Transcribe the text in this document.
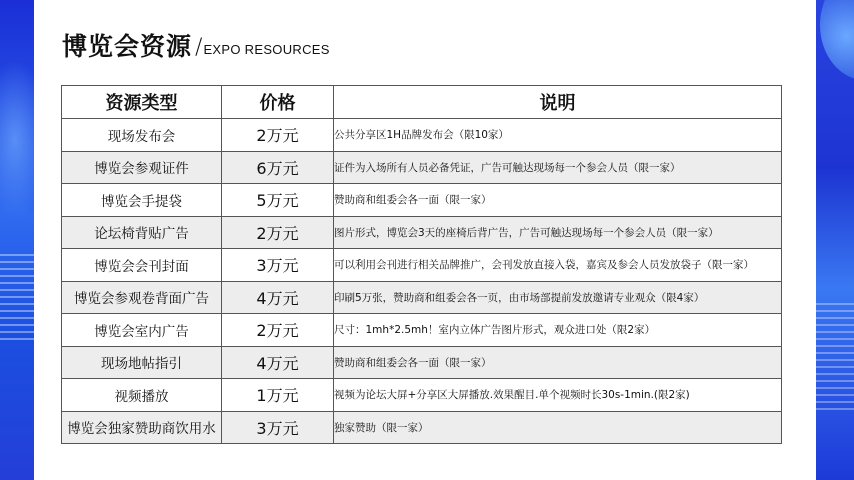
博览会资源 / EXPO RESOURCES
资源类型	价格	说明
现场发布会	2万元	公共分享区1H品牌发布会（限10家）
博览会参观证件	6万元	证件为入场所有人员必备凭证，广告可触达现场每一个参会人员（限一家）
博览会手提袋	5万元	赞助商和组委会各一面（限一家）
论坛椅背贴广告	2万元	图片形式，博览会3天的座椅后背广告，广告可触达现场每一个参会人员（限一家）
博览会会刊封面	3万元	可以利用会刊进行相关品牌推广，会刊发放直接入袋，嘉宾及参会人员发放袋子（限一家）
博览会参观卷背面广告	4万元	印刷5万张，赞助商和组委会各一页，由市场部提前发放邀请专业观众（限4家）
博览会室内广告	2万元	尺寸：1mh*2.5mh！室内立体广告图片形式，观众进口处（限2家）
现场地帖指引	4万元	赞助商和组委会各一面（限一家）
视频播放	1万元	视频为论坛大屏+分享区大屏播放.效果醒目.单个视频时长30s-1min.(限2家)
博览会独家赞助商饮用水	3万元	独家赞助（限一家）
